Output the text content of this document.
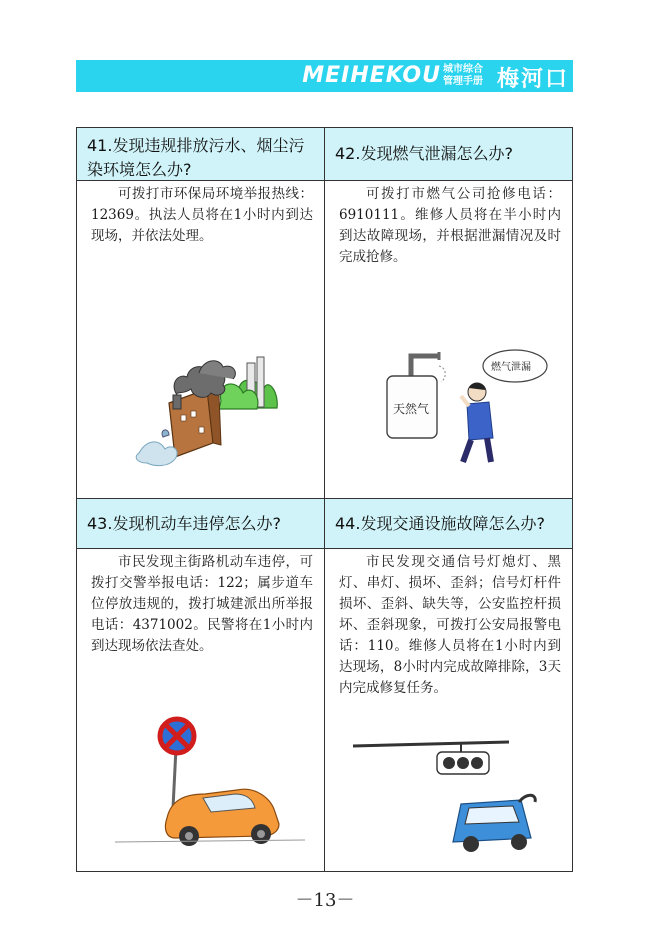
MEIHEKOU 城市综合
管理手册 梅河口
41.发现违规排放污水、烟尘污染环境怎么办?
42.发现燃气泄漏怎么办?
可拨打市环保局环境举报热线：12369。执法人员将在1小时内到达现场，并依法处理。
可拨打市燃气公司抢修电话：6910111。维修人员将在半小时内到达故障现场，并根据泄漏情况及时完成抢修。
43.发现机动车违停怎么办?	44.发现交通设施故障怎么办?
市民发现主街路机动车违停，可拨打交警举报电话：122；属步道车位停放违规的，拨打城建派出所举报电话：4371002。民警将在1小时内到达现场依法查处。
市民发现交通信号灯熄灯、黑灯、串灯、损坏、歪斜；信号灯杆件损坏、歪斜、缺失等，公安监控杆损坏、歪斜现象，可拨打公安局报警电话：110。维修人员将在1小时内到达现场，8小时内完成故障排除，3天内完成修复任务。
天然气
燃气泄漏
－13－
